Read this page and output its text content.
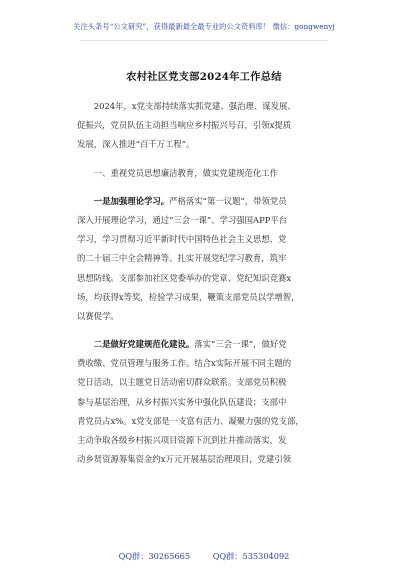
关注头条号“公文研究”，获得最新最全最专业的公文资料库！ 微信：gongwenyj
农村社区党支部2024年工作总结

2024年，x党支部持续落实抓党建、强治理、谋发展、
促振兴，党员队伍主动担当响应乡村振兴号召，引领x提质
发展，深入推进“百千万工程”。

一、重视党员思想廉洁教育，做实党建规范化工作

一是加强理论学习。严格落实“第一议题”，带领党员
深入开展理论学习，通过“三会一课”、学习强国APP平台
学习，学习贯彻习近平新时代中国特色社会主义思想、党
的二十届三中全会精神等。扎实开展党纪学习教育，筑牢
思想防线。支部参加社区党委举办的党章、党纪知识竞赛x
场，均获得x等奖，检验学习成果，鞭策支部党员以学增智，
以赛促学。

二是做好党建规范化建设。落实“三会一课”，做好党
费收缴、党员管理与服务工作。结合x实际开展不同主题的
党日活动，以主题党日活动密切群众联系。支部党员积极
参与基层治理，从乡村振兴实务中强化队伍建设；支部中
青党员占x%。x党支部是一支富有活力、凝聚力强的党支部，
主动争取各级乡村振兴项目资源下沉到社并推动落实，发
动乡贤资源筹集资金约x万元开展基层治理项目，党建引领

QQ群：30265665	QQ群：535304092
